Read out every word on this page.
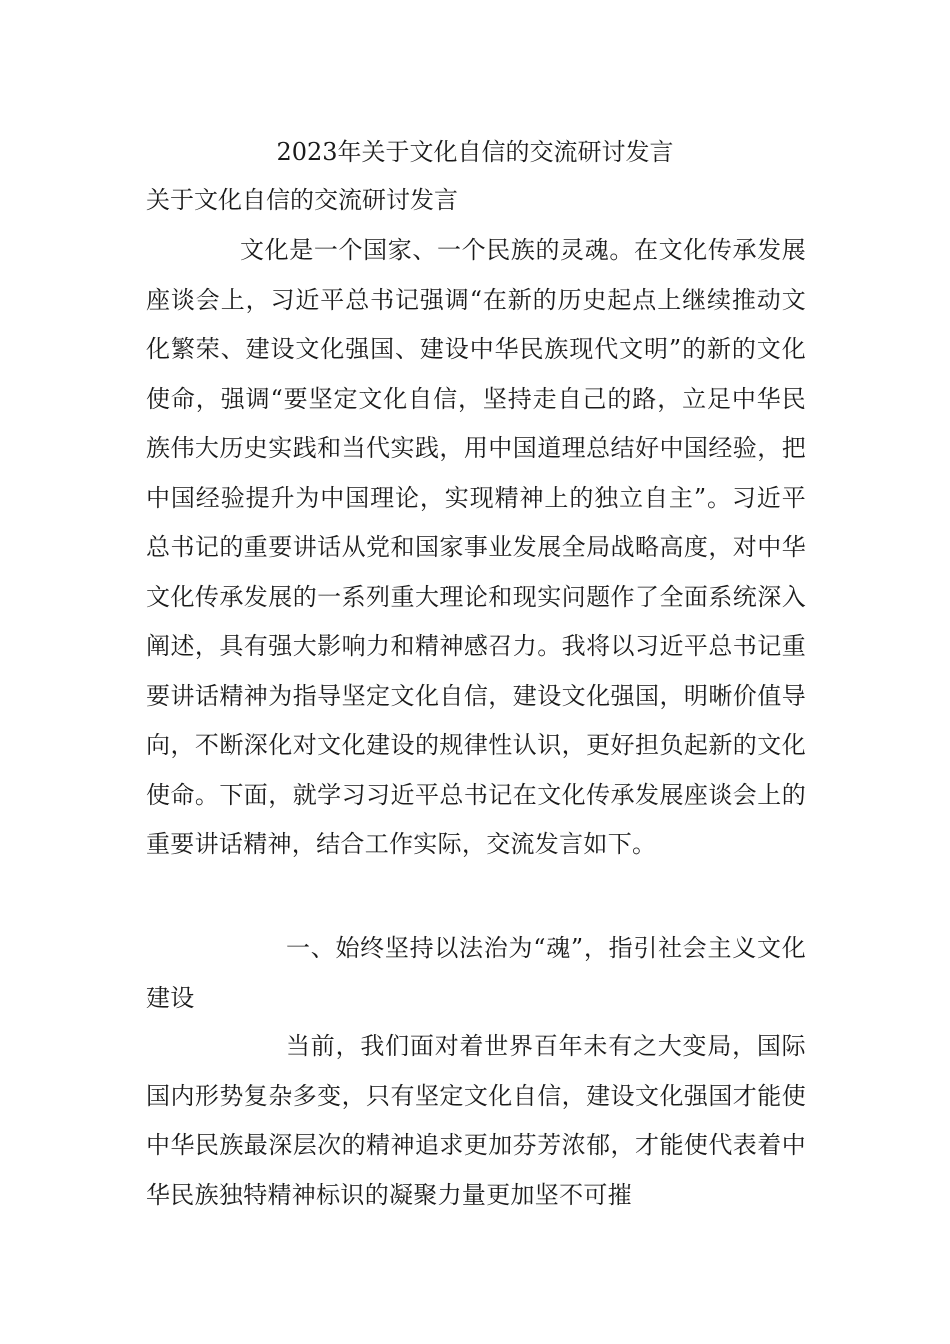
2023年关于文化自信的交流研讨发言

关于文化自信的交流研讨发言

文化是一个国家、一个民族的灵魂。在文化传承发展座谈会上，习近平总书记强调“在新的历史起点上继续推动文化繁荣、建设文化强国、建设中华民族现代文明”的新的文化使命，强调“要坚定文化自信，坚持走自己的路，立足中华民族伟大历史实践和当代实践，用中国道理总结好中国经验，把中国经验提升为中国理论，实现精神上的独立自主”。习近平总书记的重要讲话从党和国家事业发展全局战略高度，对中华文化传承发展的一系列重大理论和现实问题作了全面系统深入阐述，具有强大影响力和精神感召力。我将以习近平总书记重要讲话精神为指导坚定文化自信，建设文化强国，明晰价值导向，不断深化对文化建设的规律性认识，更好担负起新的文化使命。下面，就学习习近平总书记在文化传承发展座谈会上的重要讲话精神，结合工作实际，交流发言如下。

一、始终坚持以法治为“魂”，指引社会主义文化建设

当前，我们面对着世界百年未有之大变局，国际国内形势复杂多变，只有坚定文化自信，建设文化强国才能使中华民族最深层次的精神追求更加芬芳浓郁，才能使代表着中华民族独特精神标识的凝聚力量更加坚不可摧
